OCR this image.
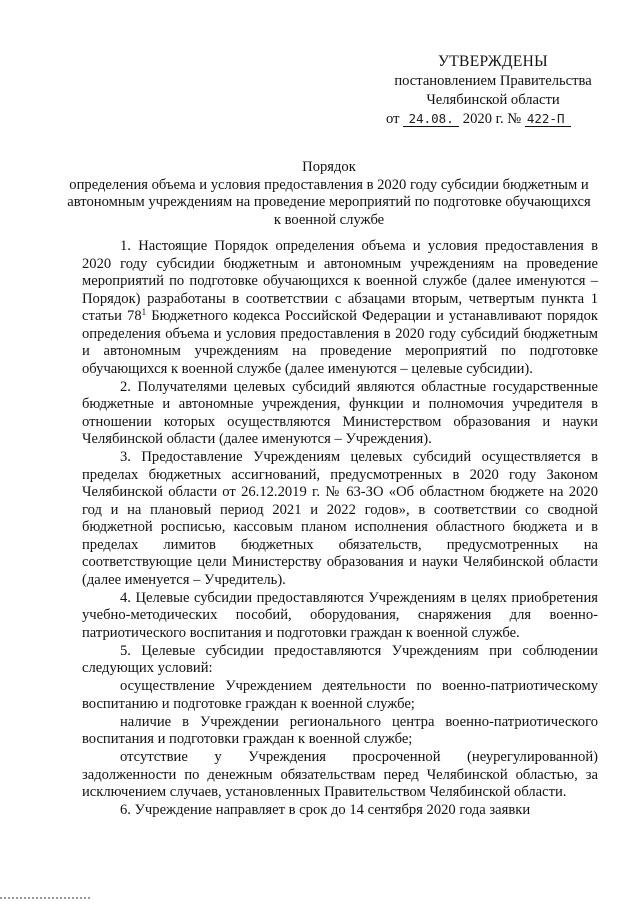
УТВЕРЖДЕНЫ
постановлением Правительства
Челябинской области
от 24.08. 2020 г. № 422-П
Порядок
определения объема и условия предоставления в 2020 году субсидии бюджетным и автономным учреждениям на проведение мероприятий по подготовке обучающихся к военной службе

1. Настоящие Порядок определения объема и условия предоставления в 2020 году субсидии бюджетным и автономным учреждениям на проведение мероприятий по подготовке обучающихся к военной службе (далее именуются – Порядок) разработаны в соответствии с абзацами вторым, четвертым пункта 1 статьи $78^1$ Бюджетного кодекса Российской Федерации и устанавливают порядок определения объема и условия предоставления в 2020 году субсидий бюджетным и автономным учреждениям на проведение мероприятий по подготовке обучающихся к военной службе (далее именуются – целевые субсидии).

2. Получателями целевых субсидий являются областные государственные бюджетные и автономные учреждения, функции и полномочия учредителя в отношении которых осуществляются Министерством образования и науки Челябинской области (далее именуются – Учреждения).

3. Предоставление Учреждениям целевых субсидий осуществляется в пределах бюджетных ассигнований, предусмотренных в 2020 году Законом Челябинской области от 26.12.2019 г. № 63-ЗО «Об областном бюджете на 2020 год и на плановый период 2021 и 2022 годов», в соответствии со сводной бюджетной росписью, кассовым планом исполнения областного бюджета и в пределах лимитов бюджетных обязательств, предусмотренных на соответствующие цели Министерству образования и науки Челябинской области (далее именуется – Учредитель).

4. Целевые субсидии предоставляются Учреждениям в целях приобретения учебно-методических пособий, оборудования, снаряжения для военно-патриотического воспитания и подготовки граждан к военной службе.

5. Целевые субсидии предоставляются Учреждениям при соблюдении следующих условий:

осуществление Учреждением деятельности по военно-патриотическому воспитанию и подготовке граждан к военной службе;

наличие в Учреждении регионального центра военно-патриотического воспитания и подготовки граждан к военной службе;

отсутствие у Учреждения просроченной (неурегулированной) задолженности по денежным обязательствам перед Челябинской областью, за исключением случаев, установленных Правительством Челябинской области.

6. Учреждение направляет в срок до 14 сентября 2020 года заявки
